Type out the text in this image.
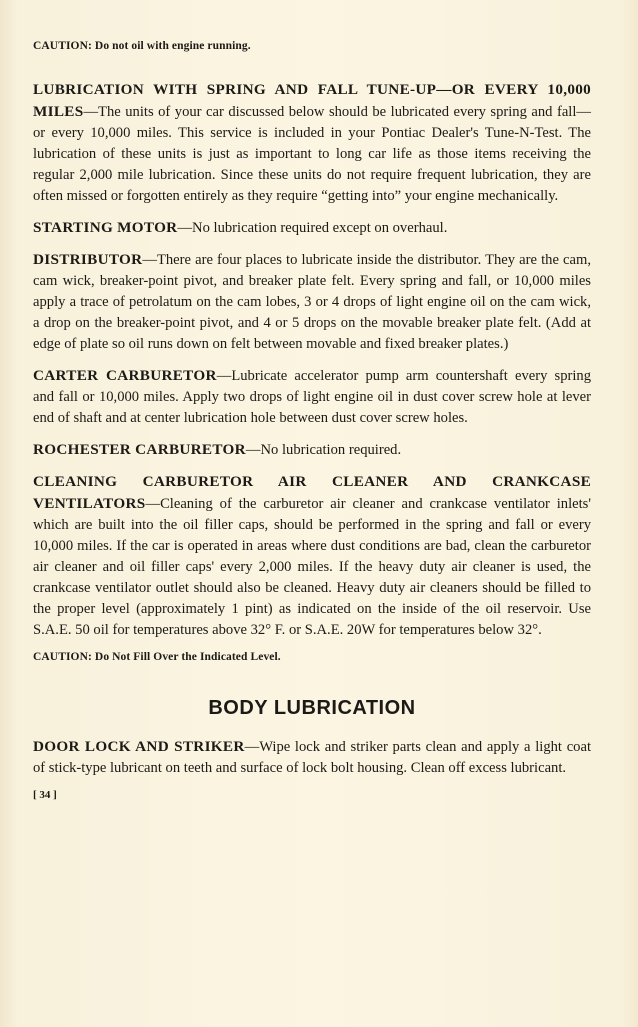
CAUTION: Do not oil with engine running.

LUBRICATION WITH SPRING AND FALL TUNE-UP—OR EVERY 10,000 MILES—The units of your car discussed below should be lubricated every spring and fall—or every 10,000 miles. This service is included in your Pontiac Dealer's Tune-N-Test. The lubrication of these units is just as important to long car life as those items receiving the regular 2,000 mile lubrication. Since these units do not require frequent lubrication, they are often missed or forgotten entirely as they require “getting into” your engine mechanically.

STARTING MOTOR—No lubrication required except on overhaul.

DISTRIBUTOR—There are four places to lubricate inside the distributor. They are the cam, cam wick, breaker-point pivot, and breaker plate felt. Every spring and fall, or 10,000 miles apply a trace of petrolatum on the cam lobes, 3 or 4 drops of light engine oil on the cam wick, a drop on the breaker-point pivot, and 4 or 5 drops on the movable breaker plate felt. (Add at edge of plate so oil runs down on felt between movable and fixed breaker plates.)

CARTER CARBURETOR—Lubricate accelerator pump arm countershaft every spring and fall or 10,000 miles. Apply two drops of light engine oil in dust cover screw hole at lever end of shaft and at center lubrication hole between dust cover screw holes.

ROCHESTER CARBURETOR—No lubrication required.

CLEANING CARBURETOR AIR CLEANER AND CRANKCASE VENTILATORS—Cleaning of the carburetor air cleaner and crankcase ventilator inlets' which are built into the oil filler caps, should be performed in the spring and fall or every 10,000 miles. If the car is operated in areas where dust conditions are bad, clean the carburetor air cleaner and oil filler caps' every 2,000 miles. If the heavy duty air cleaner is used, the crankcase ventilator outlet should also be cleaned. Heavy duty air cleaners should be filled to the proper level (approximately 1 pint) as indicated on the inside of the oil reservoir. Use S.A.E. 50 oil for temperatures above 32° F. or S.A.E. 20W for temperatures below 32°.

CAUTION: Do Not Fill Over the Indicated Level.

BODY LUBRICATION

DOOR LOCK AND STRIKER—Wipe lock and striker parts clean and apply a light coat of stick-type lubricant on teeth and surface of lock bolt housing. Clean off excess lubricant.

[ 34 ]
